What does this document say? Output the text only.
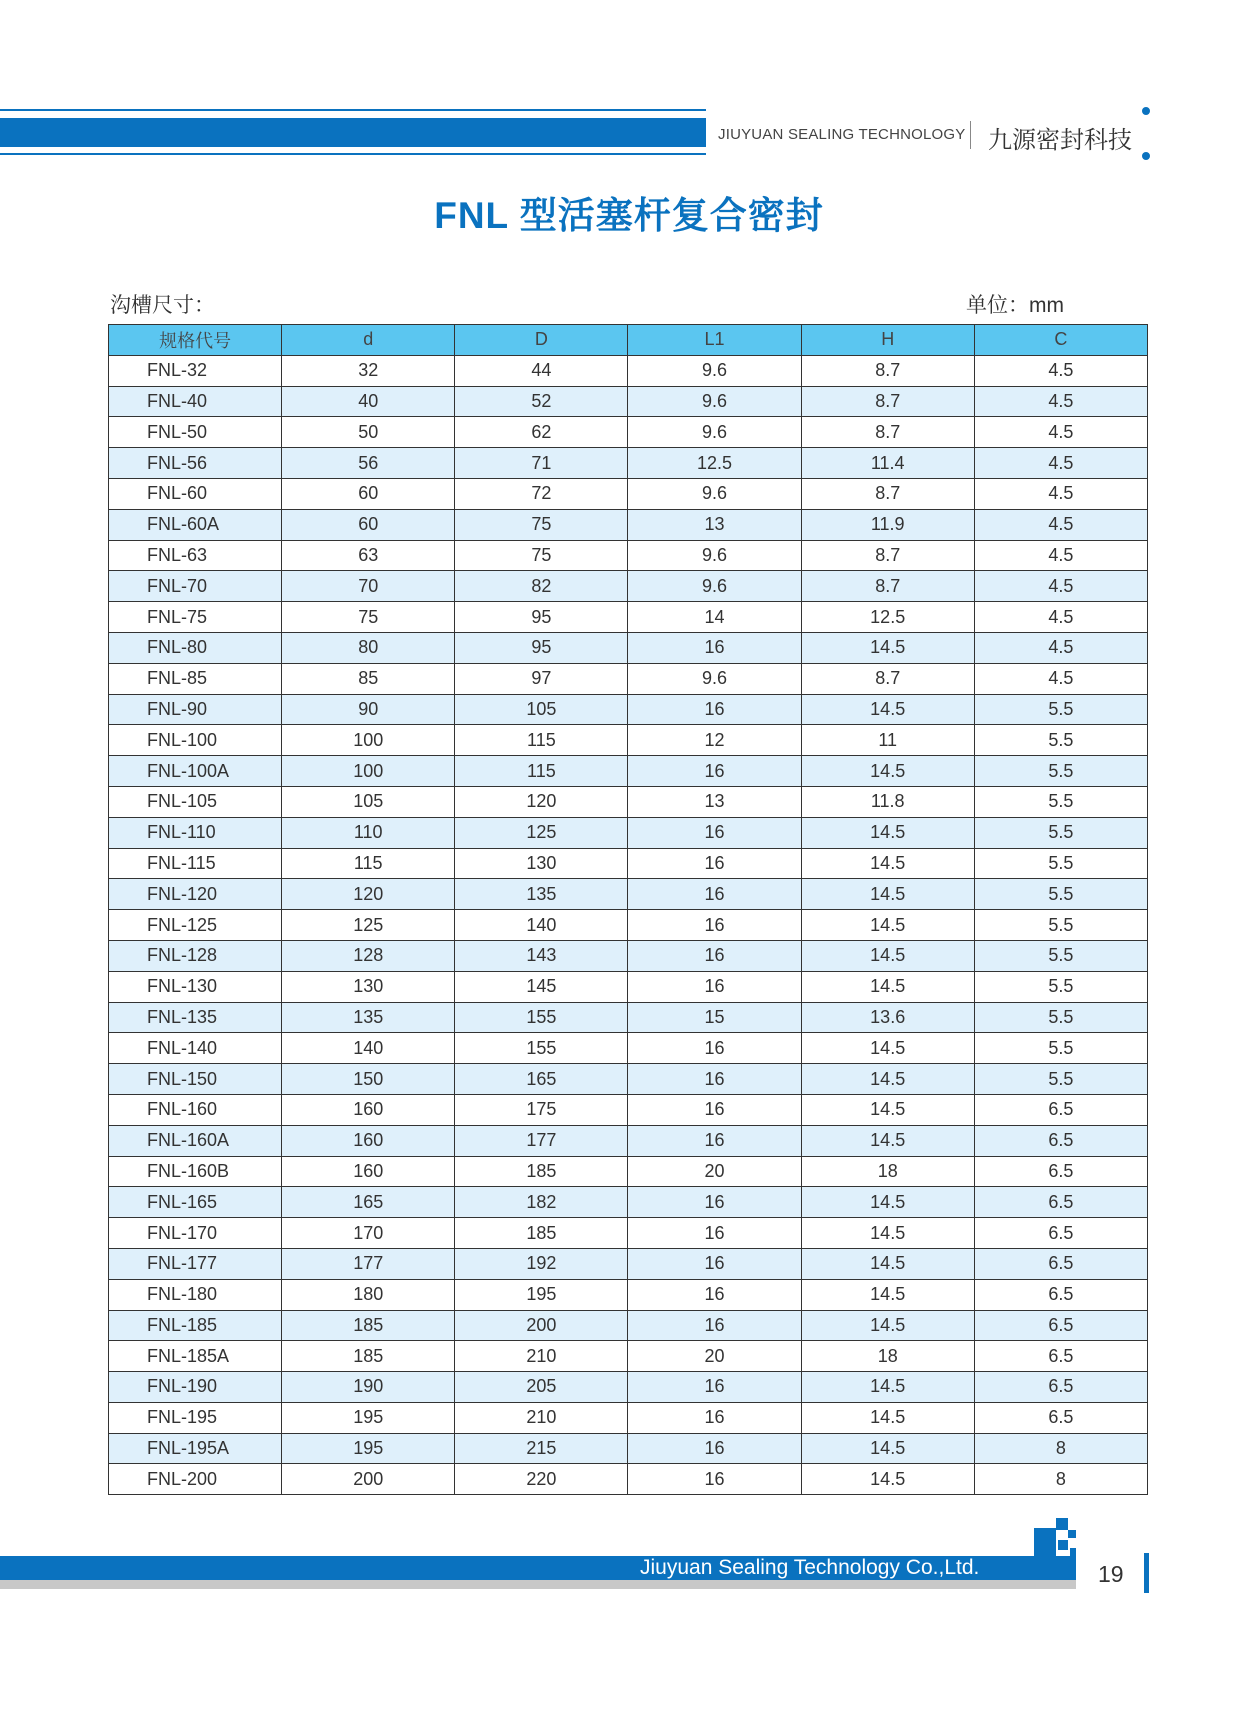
JIUYUAN SEALING TECHNOLOGY 九源密封科技
FNL 型活塞杆复合密封
沟槽尺寸：	单位：mm
规格代号	d	D	L1	H	C
FNL-32	32	44	9.6	8.7	4.5
FNL-40	40	52	9.6	8.7	4.5
FNL-50	50	62	9.6	8.7	4.5
FNL-56	56	71	12.5	11.4	4.5
FNL-60	60	72	9.6	8.7	4.5
FNL-60A	60	75	13	11.9	4.5
FNL-63	63	75	9.6	8.7	4.5
FNL-70	70	82	9.6	8.7	4.5
FNL-75	75	95	14	12.5	4.5
FNL-80	80	95	16	14.5	4.5
FNL-85	85	97	9.6	8.7	4.5
FNL-90	90	105	16	14.5	5.5
FNL-100	100	115	12	11	5.5
FNL-100A	100	115	16	14.5	5.5
FNL-105	105	120	13	11.8	5.5
FNL-110	110	125	16	14.5	5.5
FNL-115	115	130	16	14.5	5.5
FNL-120	120	135	16	14.5	5.5
FNL-125	125	140	16	14.5	5.5
FNL-128	128	143	16	14.5	5.5
FNL-130	130	145	16	14.5	5.5
FNL-135	135	155	15	13.6	5.5
FNL-140	140	155	16	14.5	5.5
FNL-150	150	165	16	14.5	5.5
FNL-160	160	175	16	14.5	6.5
FNL-160A	160	177	16	14.5	6.5
FNL-160B	160	185	20	18	6.5
FNL-165	165	182	16	14.5	6.5
FNL-170	170	185	16	14.5	6.5
FNL-177	177	192	16	14.5	6.5
FNL-180	180	195	16	14.5	6.5
FNL-185	185	200	16	14.5	6.5
FNL-185A	185	210	20	18	6.5
FNL-190	190	205	16	14.5	6.5
FNL-195	195	210	16	14.5	6.5
FNL-195A	195	215	16	14.5	8
FNL-200	200	220	16	14.5	8
Jiuyuan Sealing Technology Co.,Ltd.	19
